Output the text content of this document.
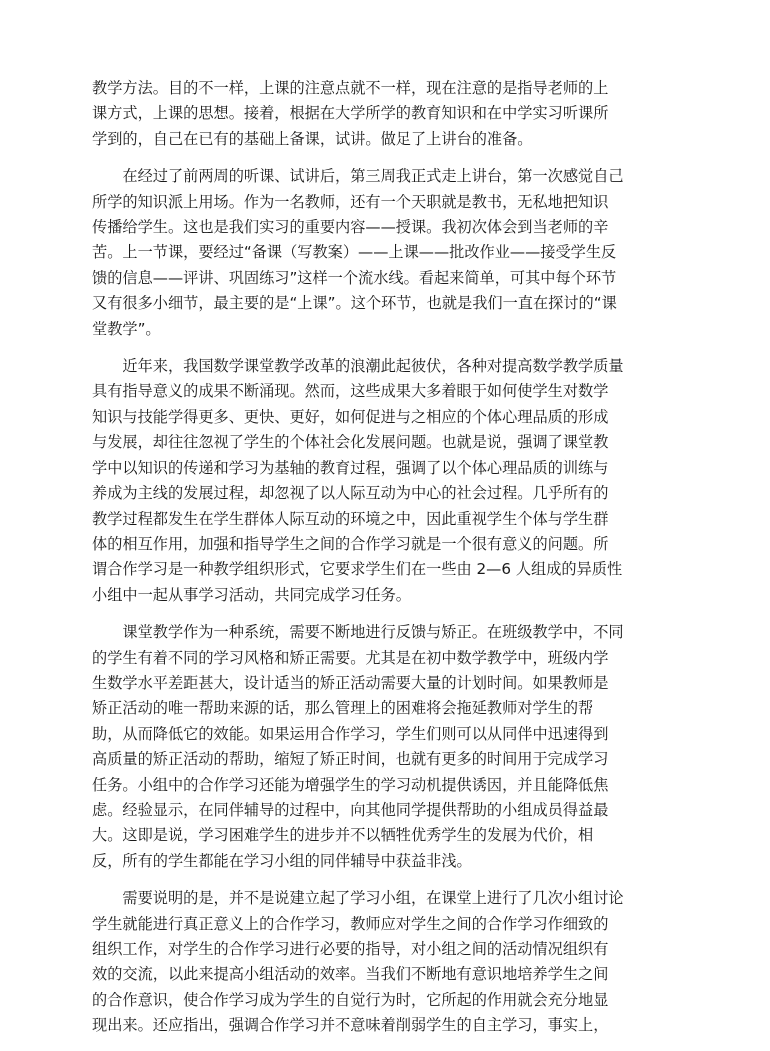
教学方法。目的不一样，上课的注意点就不一样，现在注意的是指导老师的上
课方式，上课的思想。接着，根据在大学所学的教育知识和在中学实习听课所
学到的，自己在已有的基础上备课，试讲。做足了上讲台的准备。
在经过了前两周的听课、试讲后，第三周我正式走上讲台，第一次感觉自己
所学的知识派上用场。作为一名教师，还有一个天职就是教书，无私地把知识
传播给学生。这也是我们实习的重要内容——授课。我初次体会到当老师的辛
苦。上一节课，要经过“备课（写教案）——上课——批改作业——接受学生反
馈的信息——评讲、巩固练习”这样一个流水线。看起来简单，可其中每个环节
又有很多小细节，最主要的是“上课”。这个环节，也就是我们一直在探讨的“课
堂教学”。
近年来，我国数学课堂教学改革的浪潮此起彼伏，各种对提高数学教学质量
具有指导意义的成果不断涌现。然而，这些成果大多着眼于如何使学生对数学
知识与技能学得更多、更快、更好，如何促进与之相应的个体心理品质的形成
与发展，却往往忽视了学生的个体社会化发展问题。也就是说，强调了课堂教
学中以知识的传递和学习为基轴的教育过程，强调了以个体心理品质的训练与
养成为主线的发展过程，却忽视了以人际互动为中心的社会过程。几乎所有的
教学过程都发生在学生群体人际互动的环境之中，因此重视学生个体与学生群
体的相互作用，加强和指导学生之间的合作学习就是一个很有意义的问题。所
谓合作学习是一种教学组织形式，它要求学生们在一些由 2—6 人组成的异质性
小组中一起从事学习活动，共同完成学习任务。
课堂教学作为一种系统，需要不断地进行反馈与矫正。在班级教学中，不同
的学生有着不同的学习风格和矫正需要。尤其是在初中数学教学中，班级内学
生数学水平差距甚大，设计适当的矫正活动需要大量的计划时间。如果教师是
矫正活动的唯一帮助来源的话，那么管理上的困难将会拖延教师对学生的帮
助，从而降低它的效能。如果运用合作学习，学生们则可以从同伴中迅速得到
高质量的矫正活动的帮助，缩短了矫正时间，也就有更多的时间用于完成学习
任务。小组中的合作学习还能为增强学生的学习动机提供诱因，并且能降低焦
虑。经验显示，在同伴辅导的过程中，向其他同学提供帮助的小组成员得益最
大。这即是说，学习困难学生的进步并不以牺牲优秀学生的发展为代价，相
反，所有的学生都能在学习小组的同伴辅导中获益非浅。
需要说明的是，并不是说建立起了学习小组，在课堂上进行了几次小组讨论
学生就能进行真正意义上的合作学习，教师应对学生之间的合作学习作细致的
组织工作，对学生的合作学习进行必要的指导，对小组之间的活动情况组织有
效的交流，以此来提高小组活动的效率。当我们不断地有意识地培养学生之间
的合作意识，使合作学习成为学生的自觉行为时，它所起的作用就会充分地显
现出来。还应指出，强调合作学习并不意味着削弱学生的自主学习，事实上，
